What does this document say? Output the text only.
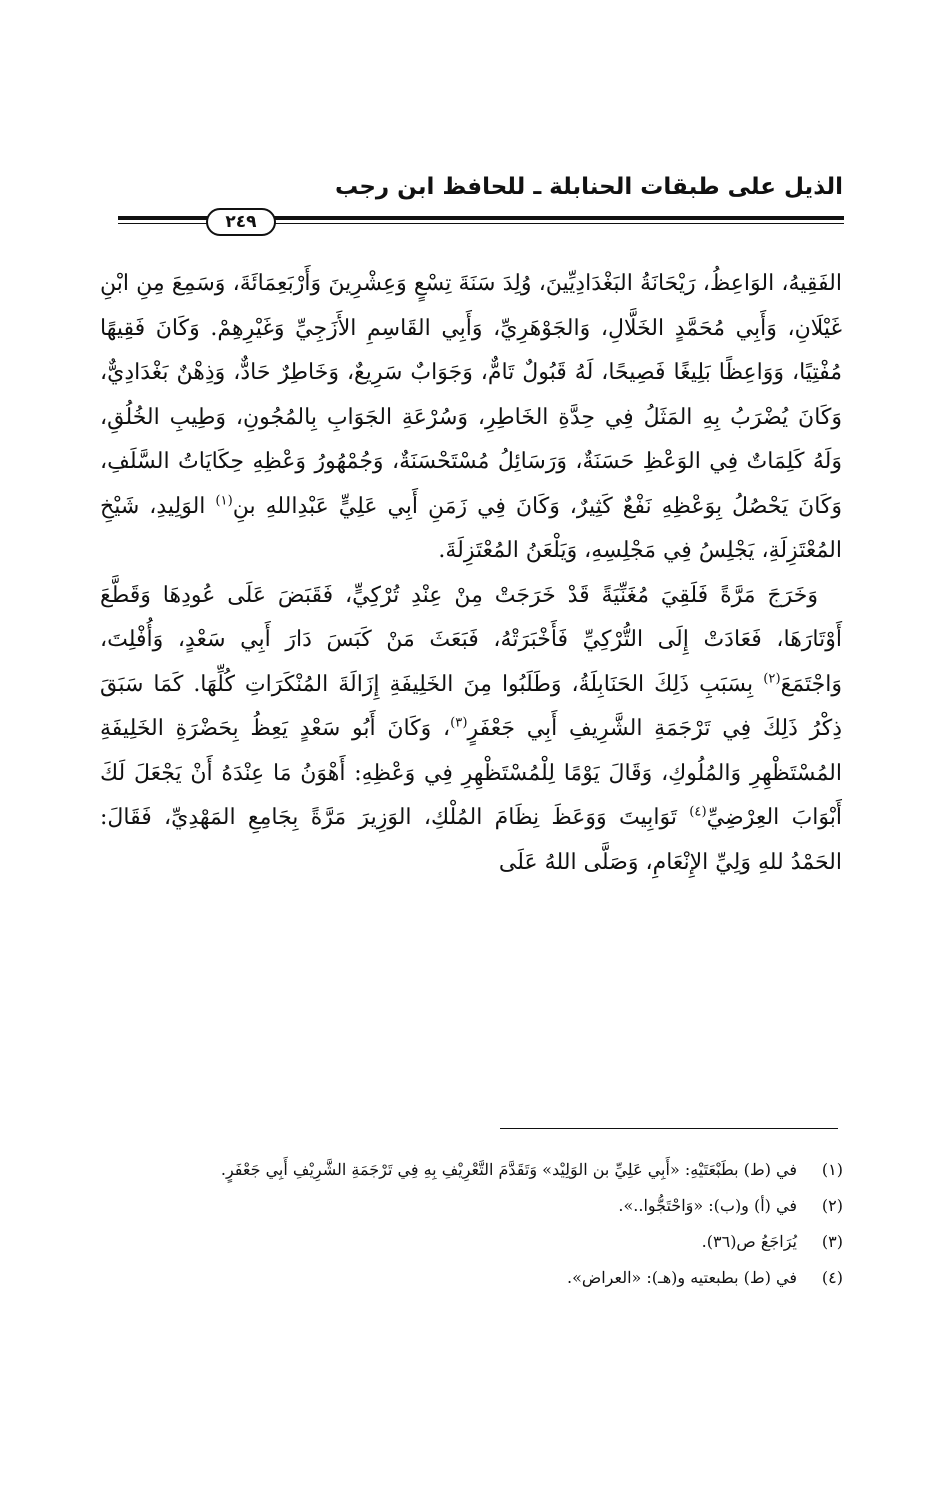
الذيل على طبقات الحنابلة ـ للحافظ ابن رجب
٢٤٩

الفَقِيهُ، الوَاعِظُ، رَيْحَانَةُ البَغْدَادِيِّينَ، وُلِدَ سَنَةَ تِسْعٍ وَعِشْرِينَ وَأَرْبَعِمَائَةَ، وَسَمِعَ مِنِ ابْنِ غَيْلَانِ، وَأَبِي مُحَمَّدٍ الخَلَّالِ، وَالجَوْهَرِيِّ، وَأَبِي القَاسِمِ الأَزَجِيِّ وَغَيْرِهِمْ. وَكَانَ فَقِيهًا مُفْتِيًا، وَوَاعِظًا بَلِيغًا فَصِيحًا، لَهُ قَبُولٌ تَامٌّ، وَجَوَابٌ سَرِيعٌ، وَخَاطِرٌ حَادٌّ، وَذِهْنٌ بَغْدَادِيٌّ، وَكَانَ يُضْرَبُ بِهِ المَثَلُ فِي حِدَّةِ الخَاطِرِ، وَسُرْعَةِ الجَوَابِ بِالمُجُونِ، وَطِيبِ الخُلُقِ، وَلَهُ كَلِمَاتٌ فِي الوَعْظِ حَسَنَةٌ، وَرَسَائِلُ مُسْتَحْسَنَةٌ، وَجُمْهُورُ وَعْظِهِ حِكَايَاتُ السَّلَفِ، وَكَانَ يَحْصُلُ بِوَعْظِهِ نَفْعٌ كَثِيرٌ، وَكَانَ فِي زَمَنِ أَبِي عَلِيٍّ عَبْدِاللهِ بنِ$^{(١)}$ الوَلِيدِ، شَيْخِ المُعْتَزِلَةِ، يَجْلِسُ فِي مَجْلِسِهِ، وَيَلْعَنُ المُعْتَزِلَةَ.

وَخَرَجَ مَرَّةً فَلَقِيَ مُغَنِّيَةً قَدْ خَرَجَتْ مِنْ عِنْدِ تُرْكِيٍّ، فَقَبَضَ عَلَى عُودِهَا وَقَطَّعَ أَوْتَارَهَا، فَعَادَتْ إِلَى التُّرْكِيِّ فَأَخْبَرَتْهُ، فَبَعَثَ مَنْ كَبَسَ دَارَ أَبِي سَعْدٍ، وَأُفْلِتَ، وَاجْتَمَعَ$^{(٢)}$ بِسَبَبِ ذَلِكَ الحَنَابِلَةُ، وَطَلَبُوا مِنَ الخَلِيفَةِ إِزَالَةَ المُنْكَرَاتِ كُلِّهَا. كَمَا سَبَقَ ذِكْرُ ذَلِكَ فِي تَرْجَمَةِ الشَّرِيفِ أَبِي جَعْفَرٍ$^{(٣)}$، وَكَانَ أَبُو سَعْدٍ يَعِظُ بِحَضْرَةِ الخَلِيفَةِ المُسْتَظْهِرِ وَالمُلُوكِ، وَقَالَ يَوْمًا لِلْمُسْتَظْهِرِ فِي وَعْظِهِ: أَهْوَنُ مَا عِنْدَهُ أَنْ يَجْعَلَ لَكَ أَبْوَابَ العِرْضِيِّ$^{(٤)}$ تَوَابِيتَ وَوَعَظَ نِظَامَ المُلْكِ، الوَزِيرَ مَرَّةً بِجَامِعِ المَهْدِيِّ، فَقَالَ: الحَمْدُ للهِ وَلِيِّ الإِنْعَامِ، وَصَلَّى اللهُ عَلَى

(١)في (ط) بطَبْعَتَيْهِ: «أَبِي عَلِيِّ بن الوَلِيْد» وَتَقَدَّمَ التَّعْرِيْفِ بِهِ فِي تَرْجَمَةِ الشَّرِيْفِ أَبِي جَعْفَرٍ.
(٢)في (أ) و(ب): «وَاحْتَجُّوا..».
(٣)يُرَاجَعُ ص(٣٦).
(٤)في (ط) بطبعتيه و(هـ): «العراض».
